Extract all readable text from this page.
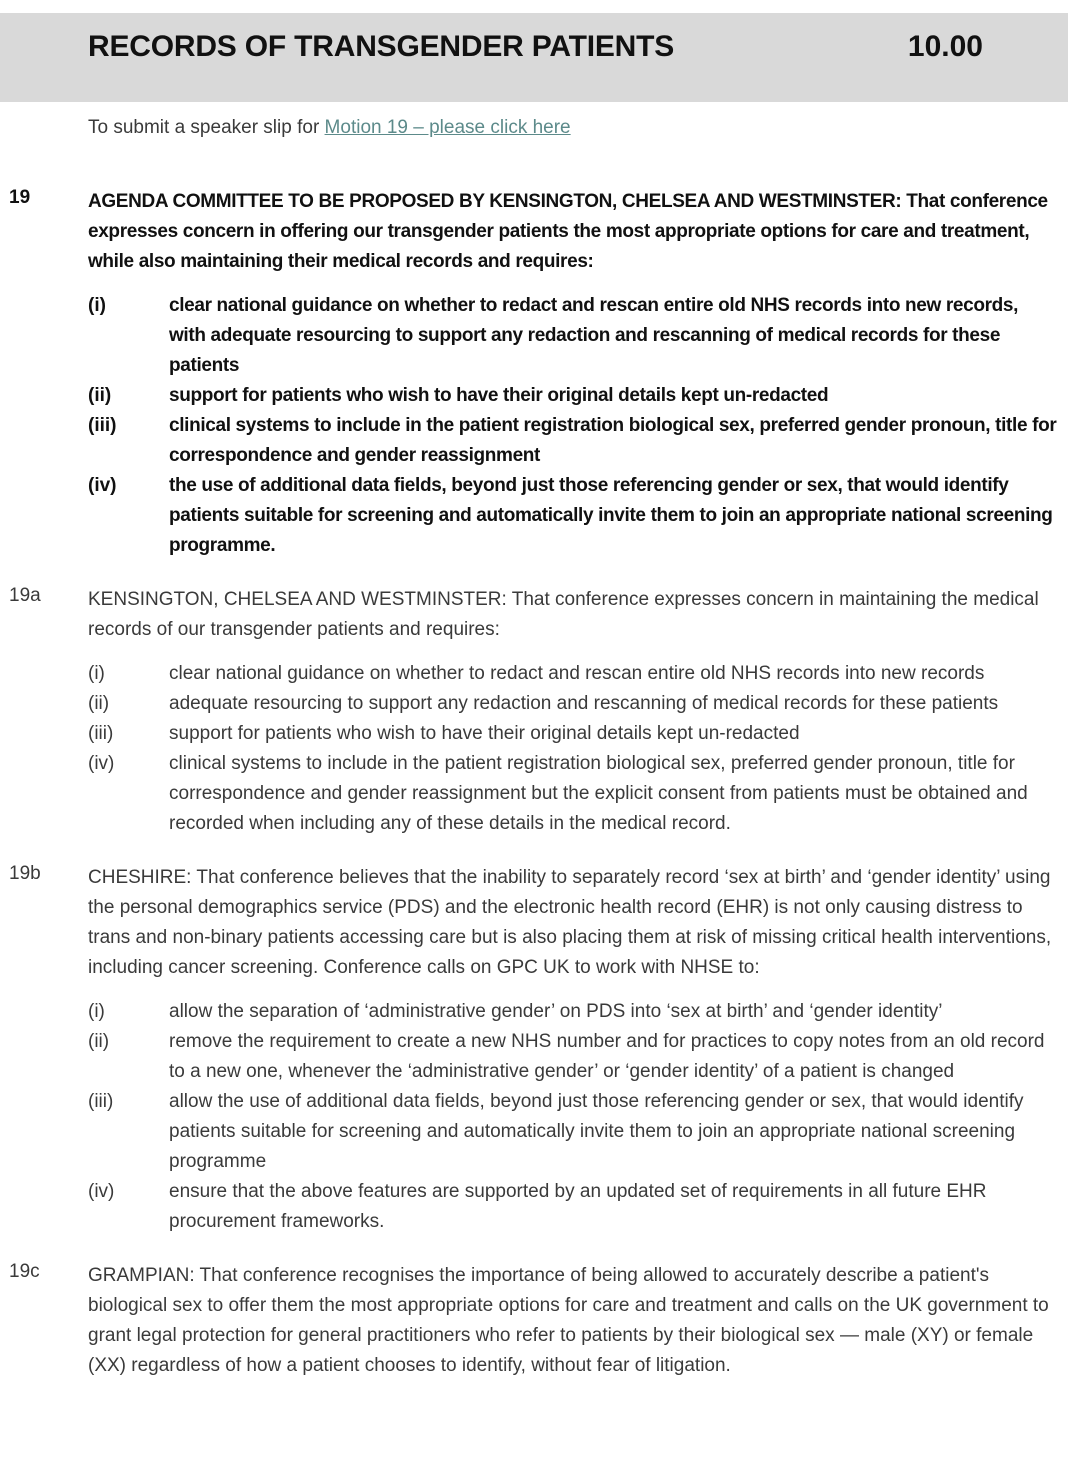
RECORDS OF TRANSGENDER PATIENTS	10.00
To submit a speaker slip for Motion 19 – please click here
19	AGENDA COMMITTEE TO BE PROPOSED BY KENSINGTON, CHELSEA AND WESTMINSTER: That conference expresses concern in offering our transgender patients the most appropriate options for care and treatment, while also maintaining their medical records and requires:
(i)	clear national guidance on whether to redact and rescan entire old NHS records into new records, with adequate resourcing to support any redaction and rescanning of medical records for these patients
(ii)	support for patients who wish to have their original details kept un-redacted
(iii)	clinical systems to include in the patient registration biological sex, preferred gender pronoun, title for correspondence and gender reassignment
(iv)	the use of additional data fields, beyond just those referencing gender or sex, that would identify patients suitable for screening and automatically invite them to join an appropriate national screening programme.
19a	KENSINGTON, CHELSEA AND WESTMINSTER: That conference expresses concern in maintaining the medical records of our transgender patients and requires:
(i)	clear national guidance on whether to redact and rescan entire old NHS records into new records
(ii)	adequate resourcing to support any redaction and rescanning of medical records for these patients
(iii)	support for patients who wish to have their original details kept un-redacted
(iv)	clinical systems to include in the patient registration biological sex, preferred gender pronoun, title for correspondence and gender reassignment but the explicit consent from patients must be obtained and recorded when including any of these details in the medical record.
19b	CHESHIRE: That conference believes that the inability to separately record ‘sex at birth’ and ‘gender identity’ using the personal demographics service (PDS) and the electronic health record (EHR) is not only causing distress to trans and non-binary patients accessing care but is also placing them at risk of missing critical health interventions, including cancer screening. Conference calls on GPC UK to work with NHSE to:
(i)	allow the separation of ‘administrative gender’ on PDS into ‘sex at birth’ and ‘gender identity’
(ii)	remove the requirement to create a new NHS number and for practices to copy notes from an old record to a new one, whenever the ‘administrative gender’ or ‘gender identity’ of a patient is changed
(iii)	allow the use of additional data fields, beyond just those referencing gender or sex, that would identify patients suitable for screening and automatically invite them to join an appropriate national screening programme
(iv)	ensure that the above features are supported by an updated set of requirements in all future EHR procurement frameworks.
19c	GRAMPIAN: That conference recognises the importance of being allowed to accurately describe a patient's biological sex to offer them the most appropriate options for care and treatment and calls on the UK government to grant legal protection for general practitioners who refer to patients by their biological sex — male (XY) or female (XX) regardless of how a patient chooses to identify, without fear of litigation.
